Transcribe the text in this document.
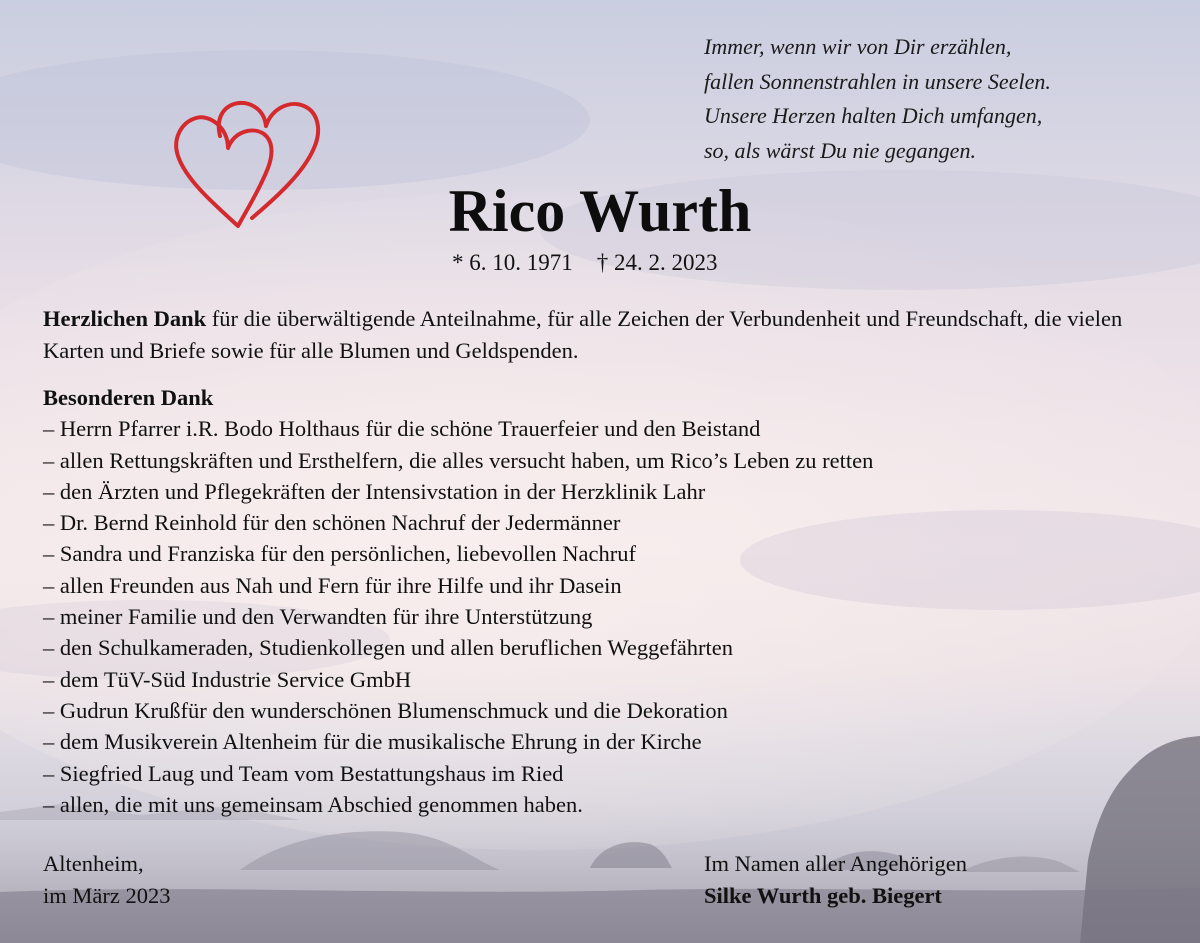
Immer, wenn wir von Dir erzählen,
fallen Sonnenstrahlen in unsere Seelen.
Unsere Herzen halten Dich umfangen,
so, als wärst Du nie gegangen.
Rico Wurth
* 6. 10. 1971 † 24. 2. 2023
Herzlichen Dank für die überwältigende Anteilnahme, für alle Zeichen der Verbundenheit und Freundschaft, die vielen Karten und Briefe sowie für alle Blumen und Geldspenden.
Besonderen Dank
– Herrn Pfarrer i.R. Bodo Holthaus für die schöne Trauerfeier und den Beistand
– allen Rettungskräften und Ersthelfern, die alles versucht haben, um Rico’s Leben zu retten
– den Ärzten und Pflegekräften der Intensivstation in der Herzklinik Lahr
– Dr. Bernd Reinhold für den schönen Nachruf der Jedermänner
– Sandra und Franziska für den persönlichen, liebevollen Nachruf
– allen Freunden aus Nah und Fern für ihre Hilfe und ihr Dasein
– meiner Familie und den Verwandten für ihre Unterstützung
– den Schulkameraden, Studienkollegen und allen beruflichen Weggefährten
– dem TüV-Süd Industrie Service GmbH
– Gudrun Krußfür den wunderschönen Blumenschmuck und die Dekoration
– dem Musikverein Altenheim für die musikalische Ehrung in der Kirche
– Siegfried Laug und Team vom Bestattungshaus im Ried
– allen, die mit uns gemeinsam Abschied genommen haben.
Altenheim,
im März 2023
Im Namen aller Angehörigen
Silke Wurth geb. Biegert
